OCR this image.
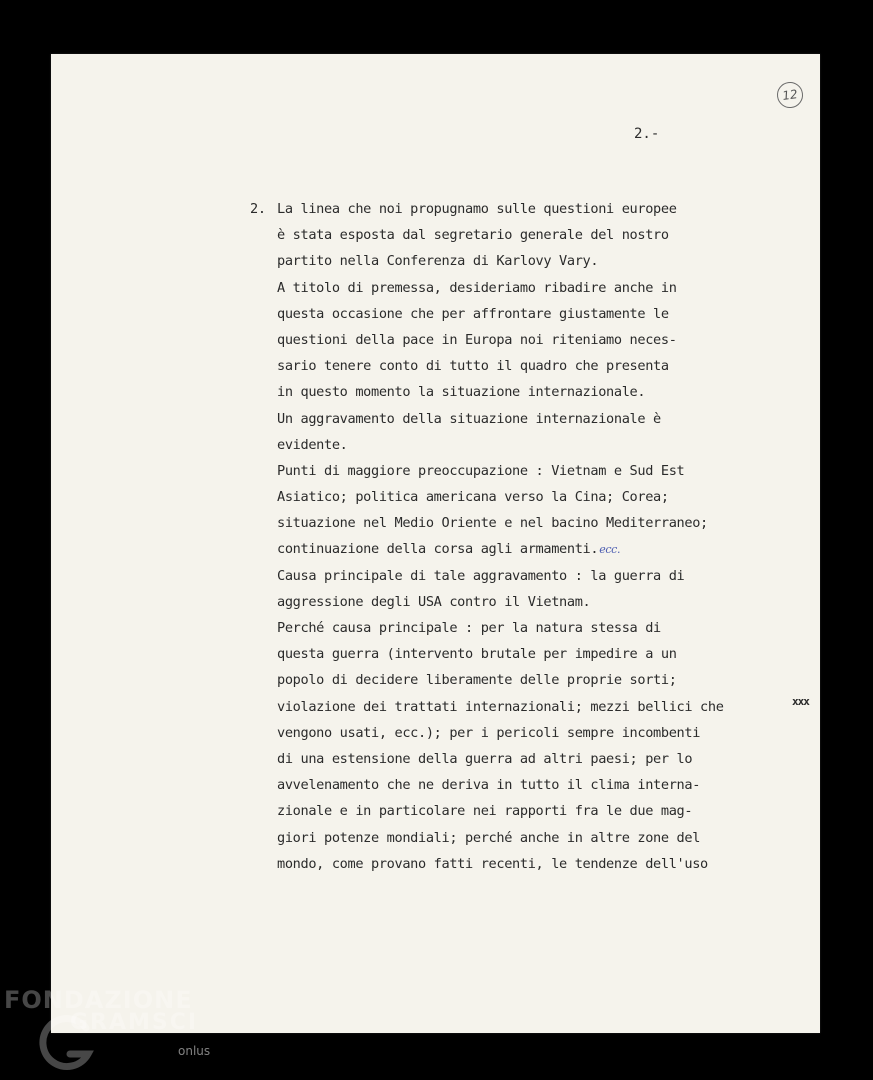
12
2.-
2. La linea che noi propugnamo sulle questioni europee
è stata esposta dal segretario generale del nostro
partito nella Conferenza di Karlovy Vary.
A titolo di premessa, desideriamo ribadire anche in
questa occasione che per affrontare giustamente le
questioni della pace in Europa noi riteniamo neces-
sario tenere conto di tutto il quadro che presenta
in questo momento la situazione internazionale.
Un aggravamento della situazione internazionale è
evidente.
Punti di maggiore preoccupazione : Vietnam e Sud Est
Asiatico; politica americana verso la Cina; Corea;
situazione nel Medio Oriente e nel bacino Mediterraneo;
continuazione della corsa agli armamenti.ecc.
Causa principale di tale aggravamento : la guerra di
aggressione degli USA contro il Vietnam.
Perché causa principale : per la natura stessa di
questa guerra (intervento brutale per impedire a un
popolo di decidere liberamente delle proprie sorti;
violazione dei trattati internazionali; mezzi bellici che
vengono usati, ecc.); per i pericoli sempre incombenti
di una estensione della guerra ad altri paesi; per lo
avvelenamento che ne deriva in tutto il clima interna-
zionale e in particolare nei rapporti fra le due mag-
giori potenze mondiali; perché anche in altre zone del
mondo, come provano fatti recenti, le tendenze dell'uso
xxx
FONDAZIONE
GRAMSCI
onlus
